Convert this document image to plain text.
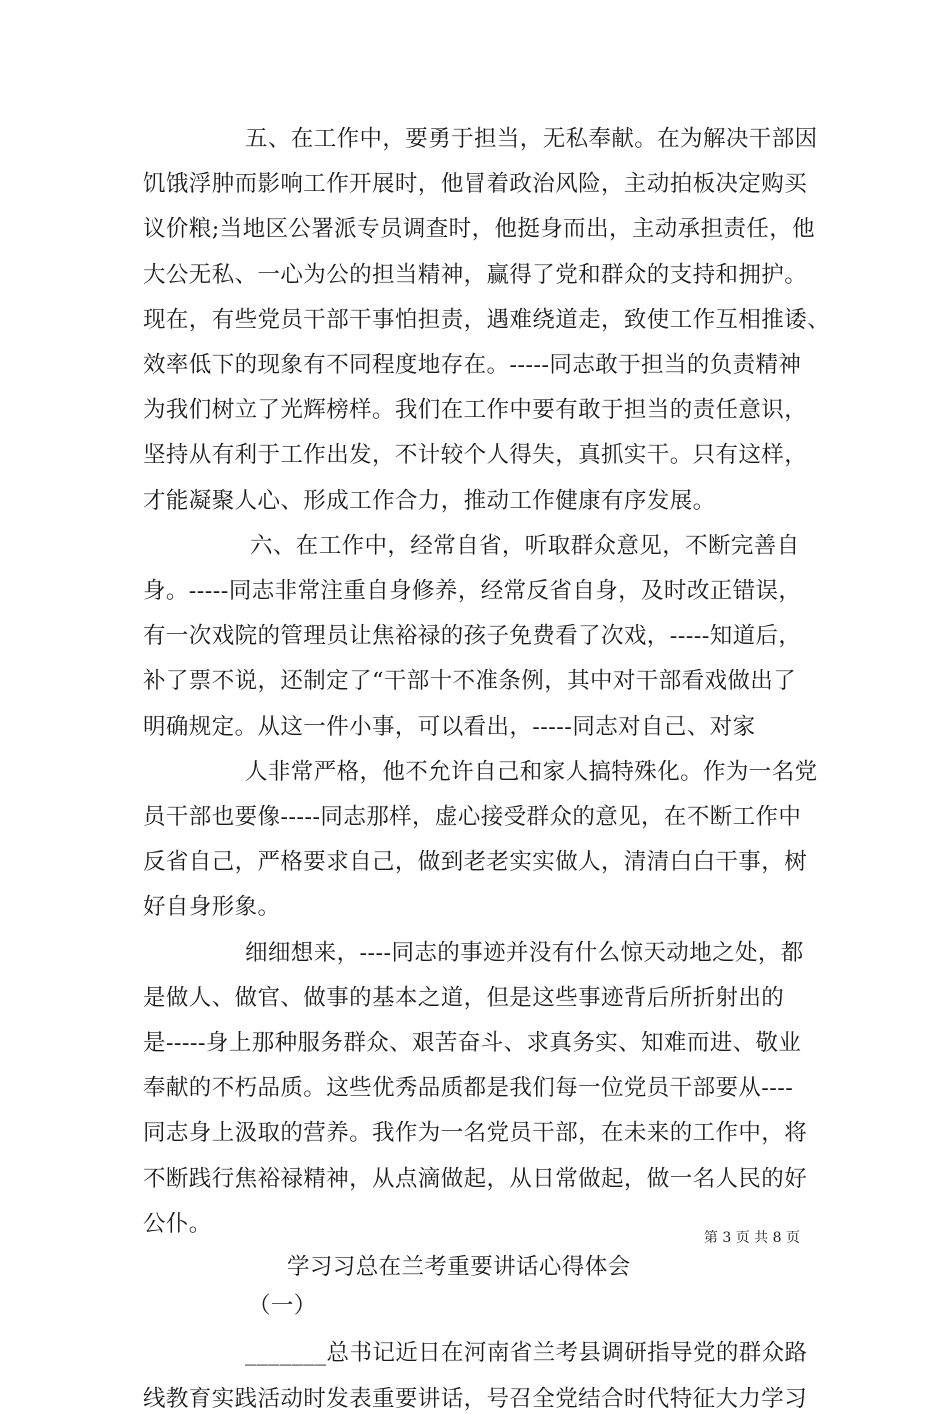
五、在工作中，要勇于担当，无私奉献。在为解决干部因
饥饿浮肿而影响工作开展时，他冒着政治风险，主动拍板决定购买
议价粮;当地区公署派专员调查时，他挺身而出，主动承担责任，他
大公无私、一心为公的担当精神，赢得了党和群众的支持和拥护。
现在，有些党员干部干事怕担责，遇难绕道走，致使工作互相推诿、
效率低下的现象有不同程度地存在。-----同志敢于担当的负责精神
为我们树立了光辉榜样。我们在工作中要有敢于担当的责任意识，
坚持从有利于工作出发，不计较个人得失，真抓实干。只有这样，
才能凝聚人心、形成工作合力，推动工作健康有序发展。
六、在工作中，经常自省，听取群众意见，不断完善自
身。-----同志非常注重自身修养，经常反省自身，及时改正错误，
有一次戏院的管理员让焦裕禄的孩子免费看了次戏，-----知道后，
补了票不说，还制定了“干部十不准条例，其中对干部看戏做出了
明确规定。从这一件小事，可以看出，-----同志对自己、对家
人非常严格，他不允许自己和家人搞特殊化。作为一名党
员干部也要像-----同志那样，虚心接受群众的意见，在不断工作中
反省自己，严格要求自己，做到老老实实做人，清清白白干事，树
好自身形象。
细细想来，----同志的事迹并没有什么惊天动地之处，都
是做人、做官、做事的基本之道，但是这些事迹背后所折射出的
是-----身上那种服务群众、艰苦奋斗、求真务实、知难而进、敬业
奉献的不朽品质。这些优秀品质都是我们每一位党员干部要从----
同志身上汲取的营养。我作为一名党员干部，在未来的工作中，将
不断践行焦裕禄精神，从点滴做起，从日常做起，做一名人民的好
公仆。
学习习总在兰考重要讲话心得体会
（一）
_______总书记近日在河南省兰考县调研指导党的群众路
线教育实践活动时发表重要讲话，号召全党结合时代特征大力学习
第 3 页 共 8 页
